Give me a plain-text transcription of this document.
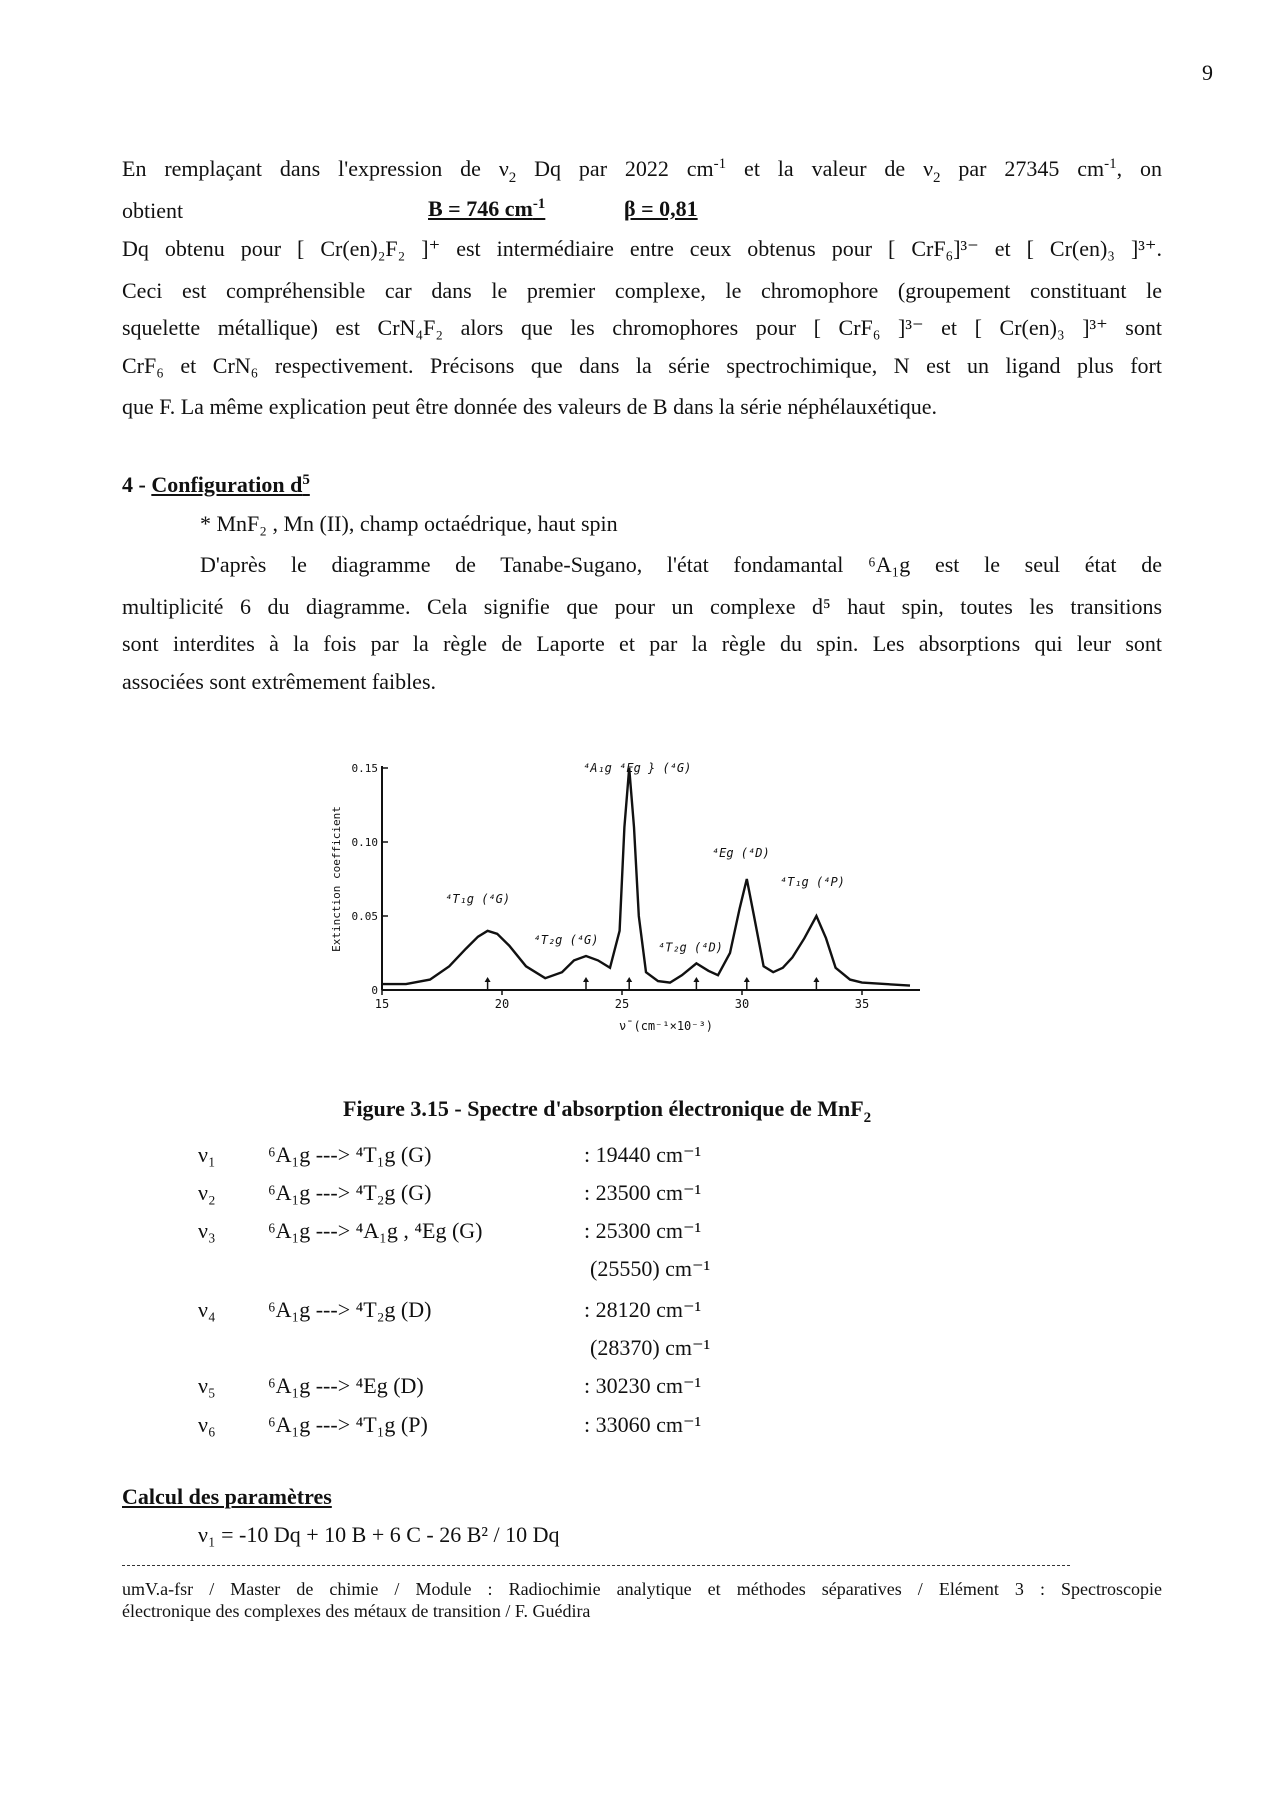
9
En remplaçant dans l'expression de $\nu_2$ Dq par 2022 $cm^{-1}$ et la valeur de $\nu_2$ par 27345 $cm^{-1}$, on
obtient	B = 746 $cm^{-1}$	β = 0,81
Dq obtenu pour [ Cr(en)₂F₂ ]⁺ est intermédiaire entre ceux obtenus pour [ CrF₆]³⁻ et [ Cr(en)₃ ]³⁺.
Ceci est compréhensible car dans le premier complexe, le chromophore (groupement constituant le
squelette métallique) est CrN₄F₂ alors que les chromophores pour [ CrF₆ ]³⁻ et [ Cr(en)₃ ]³⁺ sont
CrF₆ et CrN₆ respectivement. Précisons que dans la série spectrochimique, N est un ligand plus fort
que F. La même explication peut être donnée des valeurs de B dans la série néphélauxétique.
4 - Configuration $d^5$
* MnF₂ , Mn (II), champ octaédrique, haut spin
D'après le diagramme de Tanabe-Sugano, l'état fondamantal ⁶A₁g est le seul état de
multiplicité 6 du diagramme. Cela signifie que pour un complexe d⁵ haut spin, toutes les transitions
sont interdites à la fois par la règle de Laporte et par la règle du spin. Les absorptions qui leur sont
associées sont extrêmement faibles.
15	20	25	30	35
0
0.05
0.10
0.15
Extinction coefficient
ν̄ (cm⁻¹×10⁻³)
⁴T₁g (⁴G)
⁴T₂g (⁴G)
⁴A₁g ⁴Eg } (⁴G)
⁴T₂g (⁴D)
⁴Eg (⁴D)
⁴T₁g (⁴P)
Figure 3.15 - Spectre d'absorption électronique de MnF$_2$
ν₁ ⁶A₁g ---> ⁴T₁g (G)	: 19440 cm⁻¹
ν₂ ⁶A₁g ---> ⁴T₂g (G)	: 23500 cm⁻¹
ν₃ ⁶A₁g ---> ⁴A₁g , ⁴Eg (G)	: 25300 cm⁻¹
(25550) cm⁻¹
ν₄ ⁶A₁g ---> ⁴T₂g (D)	: 28120 cm⁻¹
(28370) cm⁻¹
ν₅ ⁶A₁g ---> ⁴Eg (D)	: 30230 cm⁻¹
ν₆ ⁶A₁g ---> ⁴T₁g (P)	: 33060 cm⁻¹
Calcul des paramètres
ν₁ = -10 Dq + 10 B + 6 C - 26 B² / 10 Dq
umV.a-fsr / Master de chimie / Module : Radiochimie analytique et méthodes séparatives / Elément 3 : Spectroscopie
électronique des complexes des métaux de transition / F. Guédira
